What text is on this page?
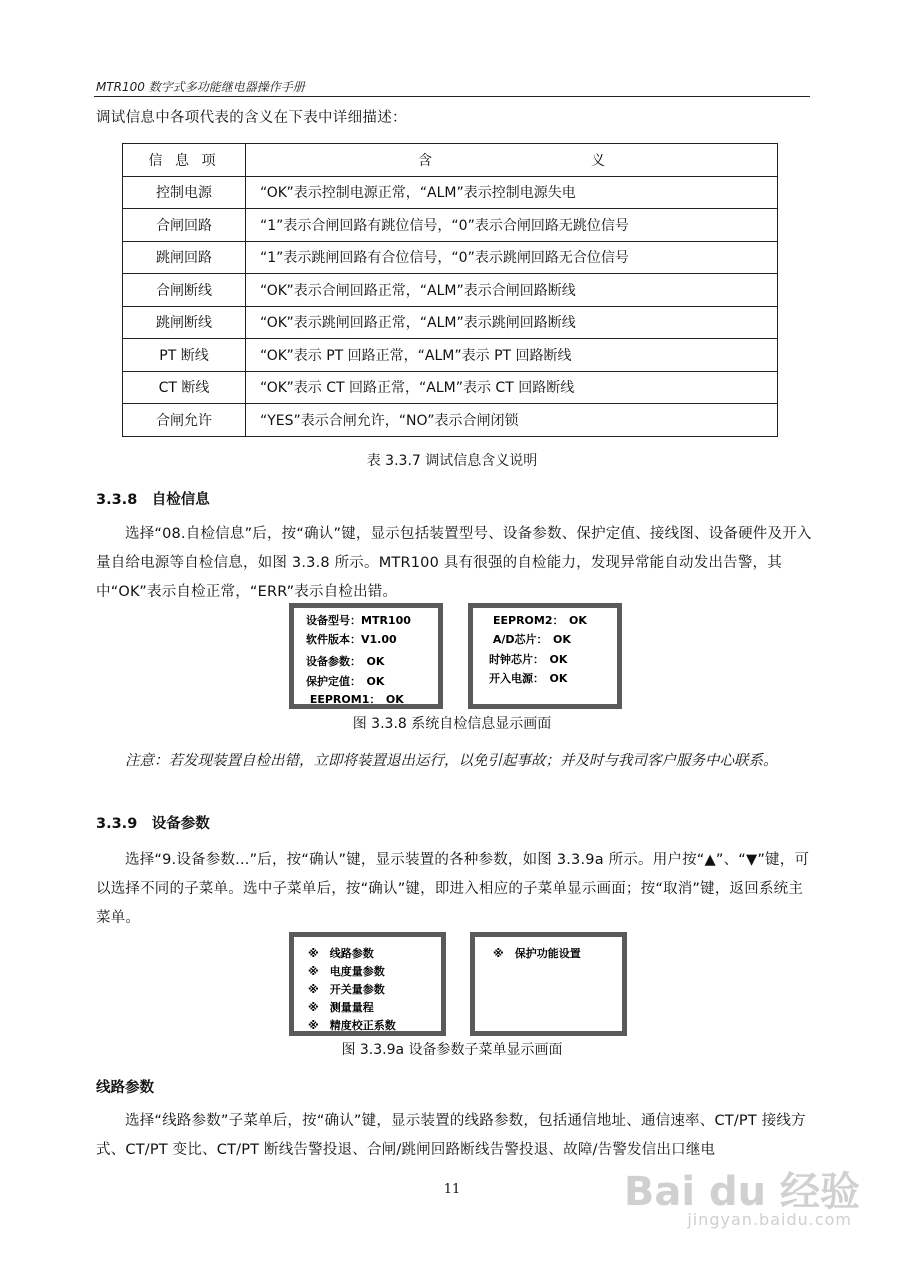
MTR100 数字式多功能继电器操作手册
调试信息中各项代表的含义在下表中详细描述：
信 息 项	含 义
控制电源	“OK”表示控制电源正常，“ALM”表示控制电源失电
合闸回路	“1”表示合闸回路有跳位信号，“0”表示合闸回路无跳位信号
跳闸回路	“1”表示跳闸回路有合位信号，“0”表示跳闸回路无合位信号
合闸断线	“OK”表示合闸回路正常，“ALM”表示合闸回路断线
跳闸断线	“OK”表示跳闸回路正常，“ALM”表示跳闸回路断线
PT 断线	“OK”表示 PT 回路正常，“ALM”表示 PT 回路断线
CT 断线	“OK”表示 CT 回路正常，“ALM”表示 CT 回路断线
合闸允许	“YES”表示合闸允许，“NO”表示合闸闭锁
表 3.3.7 调试信息含义说明
3.3.8　自检信息
选择“08.自检信息”后，按“确认”键，显示包括装置型号、设备参数、保护定值、接线图、设备硬件及开入量自给电源等自检信息，如图 3.3.8 所示。MTR100 具有很强的自检能力，发现异常能自动发出告警，其中“OK”表示自检正常，“ERR”表示自检出错。
设备型号：MTR100
软件版本：V1.00
设备参数：　OK
保护定值：　OK
EEPROM1：　OK
EEPROM2：　OK
A/D芯片：　OK
时钟芯片：　OK
开入电源：　OK
图 3.3.8 系统自检信息显示画面
注意：若发现装置自检出错，立即将装置退出运行，以免引起事故；并及时与我司客户服务中心联系。
3.3.9　设备参数
选择“9.设备参数...”后，按“确认”键，显示装置的各种参数，如图 3.3.9a 所示。用户按“▲”、“▼”键，可以选择不同的子菜单。选中子菜单后，按“确认”键，即进入相应的子菜单显示画面；按“取消”键，返回系统主菜单。
※　线路参数
※　电度量参数
※　开关量参数
※　测量量程
※　精度校正系数
※　保护功能设置
图 3.3.9a 设备参数子菜单显示画面
线路参数
选择“线路参数”子菜单后，按“确认”键，显示装置的线路参数，包括通信地址、通信速率、CT/PT 接线方式、CT/PT 变比、CT/PT 断线告警投退、合闸/跳闸回路断线告警投退、故障/告警发信出口继电
11	Bai du 经验
jingyan.baidu.com
